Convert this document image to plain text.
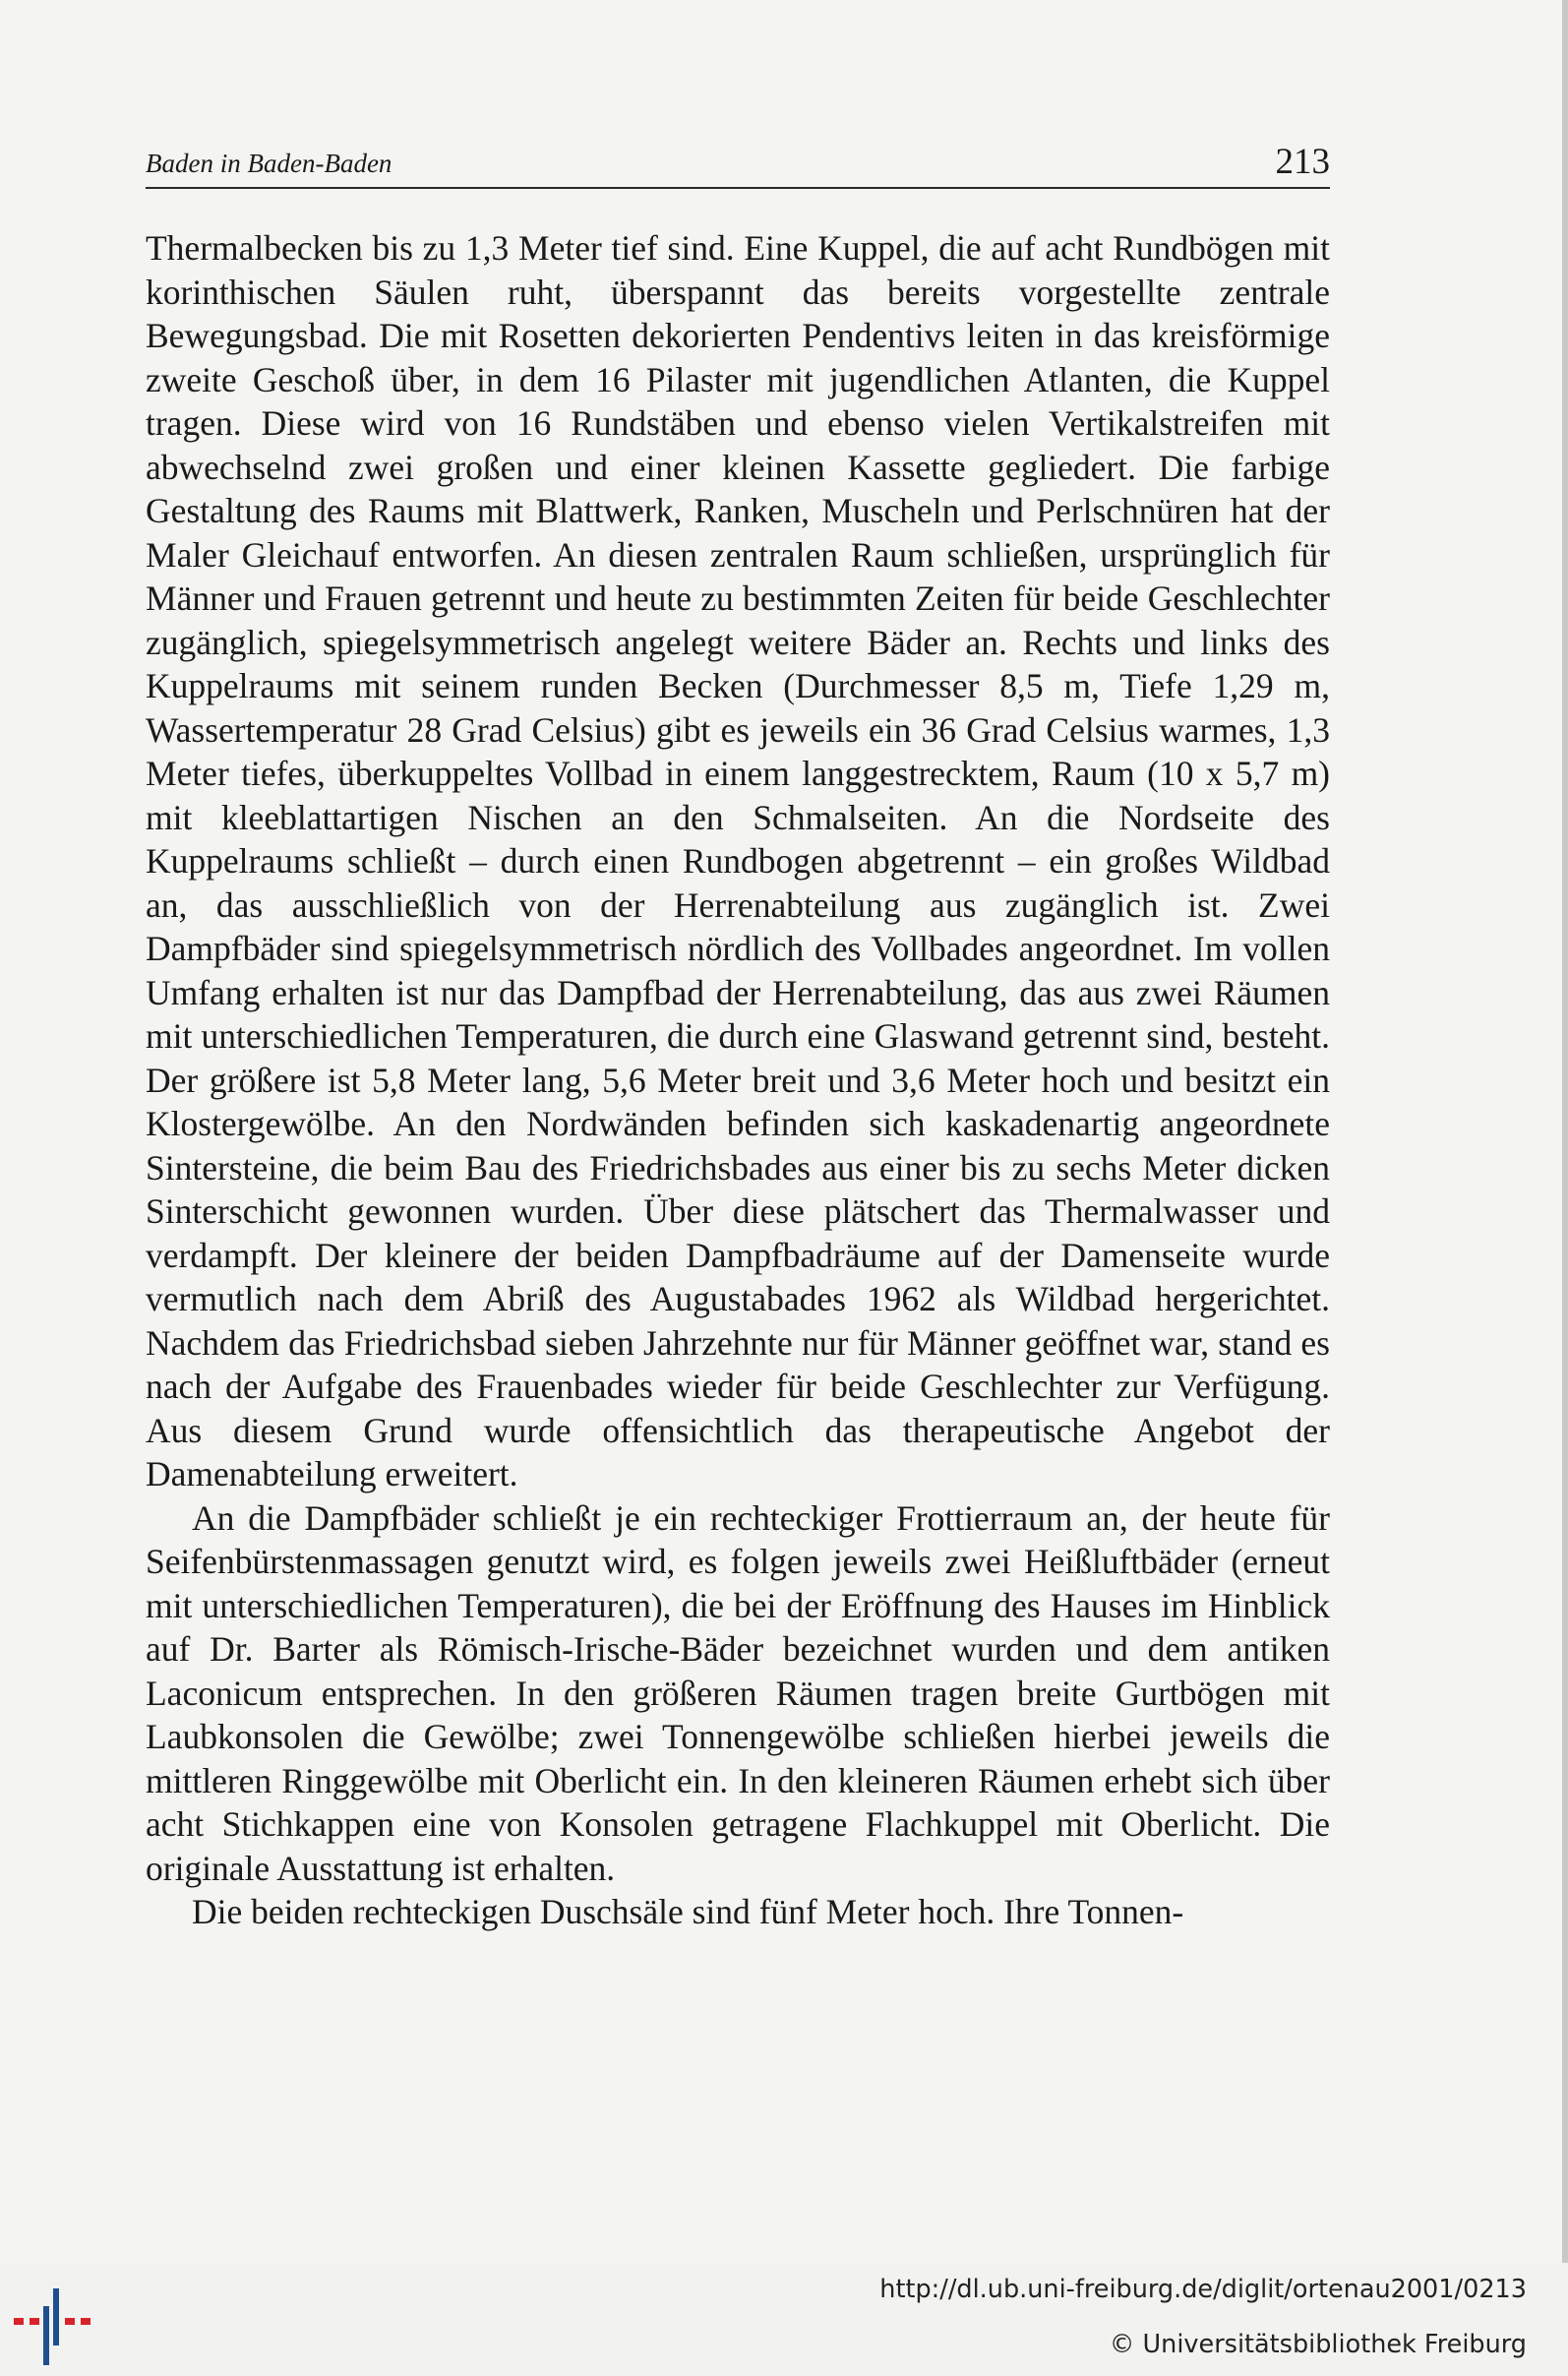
Baden in Baden-Baden	213

Thermalbecken bis zu 1,3 Meter tief sind. Eine Kuppel, die auf acht Rundbögen mit korinthischen Säulen ruht, überspannt das bereits vorgestellte zentrale Bewegungsbad. Die mit Rosetten dekorierten Pendentivs leiten in das kreisförmige zweite Geschoß über, in dem 16 Pilaster mit jugendlichen Atlanten, die Kuppel tragen. Diese wird von 16 Rundstäben und ebenso vielen Vertikalstreifen mit abwechselnd zwei großen und einer kleinen Kassette gegliedert. Die farbige Gestaltung des Raums mit Blattwerk, Ranken, Muscheln und Perlschnüren hat der Maler Gleichauf entworfen. An diesen zentralen Raum schließen, ursprünglich für Männer und Frauen getrennt und heute zu bestimmten Zeiten für beide Geschlechter zugänglich, spiegelsymmetrisch angelegt weitere Bäder an. Rechts und links des Kuppelraums mit seinem runden Becken (Durchmesser 8,5 m, Tiefe 1,29 m, Wassertemperatur 28 Grad Celsius) gibt es jeweils ein 36 Grad Celsius warmes, 1,3 Meter tiefes, überkuppeltes Vollbad in einem langgestrecktem, Raum (10 x 5,7 m) mit kleeblattartigen Nischen an den Schmalseiten. An die Nordseite des Kuppelraums schließt – durch einen Rundbogen abgetrennt – ein großes Wildbad an, das ausschließlich von der Herrenabteilung aus zugänglich ist. Zwei Dampfbäder sind spiegelsymmetrisch nördlich des Vollbades angeordnet. Im vollen Umfang erhalten ist nur das Dampfbad der Herrenabteilung, das aus zwei Räumen mit unterschiedlichen Temperaturen, die durch eine Glaswand getrennt sind, besteht. Der größere ist 5,8 Meter lang, 5,6 Meter breit und 3,6 Meter hoch und besitzt ein Klostergewölbe. An den Nordwänden befinden sich kaskadenartig angeordnete Sintersteine, die beim Bau des Friedrichsbades aus einer bis zu sechs Meter dicken Sinterschicht gewonnen wurden. Über diese plätschert das Thermalwasser und verdampft. Der kleinere der beiden Dampfbadräume auf der Damenseite wurde vermutlich nach dem Abriß des Augustabades 1962 als Wildbad hergerichtet. Nachdem das Friedrichsbad sieben Jahrzehnte nur für Männer geöffnet war, stand es nach der Aufgabe des Frauenbades wieder für beide Geschlechter zur Verfügung. Aus diesem Grund wurde offensichtlich das therapeutische Angebot der Damenabteilung erweitert.

An die Dampfbäder schließt je ein rechteckiger Frottierraum an, der heute für Seifenbürstenmassagen genutzt wird, es folgen jeweils zwei Heißluftbäder (erneut mit unterschiedlichen Temperaturen), die bei der Eröffnung des Hauses im Hinblick auf Dr. Barter als Römisch-Irische-Bäder bezeichnet wurden und dem antiken Laconicum entsprechen. In den größeren Räumen tragen breite Gurtbögen mit Laubkonsolen die Gewölbe; zwei Tonnengewölbe schließen hierbei jeweils die mittleren Ringgewölbe mit Oberlicht ein. In den kleineren Räumen erhebt sich über acht Stichkappen eine von Konsolen getragene Flachkuppel mit Oberlicht. Die originale Ausstattung ist erhalten.

Die beiden rechteckigen Duschsäle sind fünf Meter hoch. Ihre Tonnen-

http://dl.ub.uni-freiburg.de/diglit/ortenau2001/0213
© Universitätsbibliothek Freiburg
